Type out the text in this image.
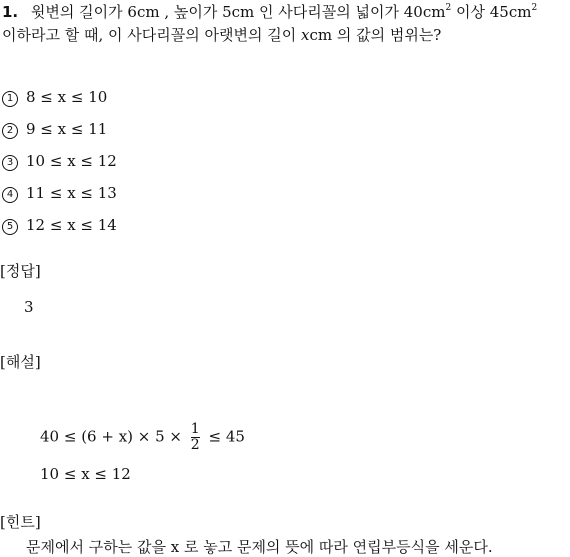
1. 윗변의 길이가 6cm , 높이가 5cm 인 사다리꼴의 넓이가 $40cm^2$ 이상 $45cm^2$
이하라고 할 때, 이 사다리꼴의 아랫변의 길이 xcm 의 값의 범위는?
1 8 ≤ x ≤ 10
2 9 ≤ x ≤ 11
3 10 ≤ x ≤ 12
4 11 ≤ x ≤ 13
5 12 ≤ x ≤ 14
[정답]
3
[해설]
$40 \le (6 + x) \times 5 \times \frac{1}{2} \le 45$
10 ≤ x ≤ 12
[힌트]
문제에서 구하는 값을 x 로 놓고 문제의 뜻에 따라 연립부등식을 세운다.
